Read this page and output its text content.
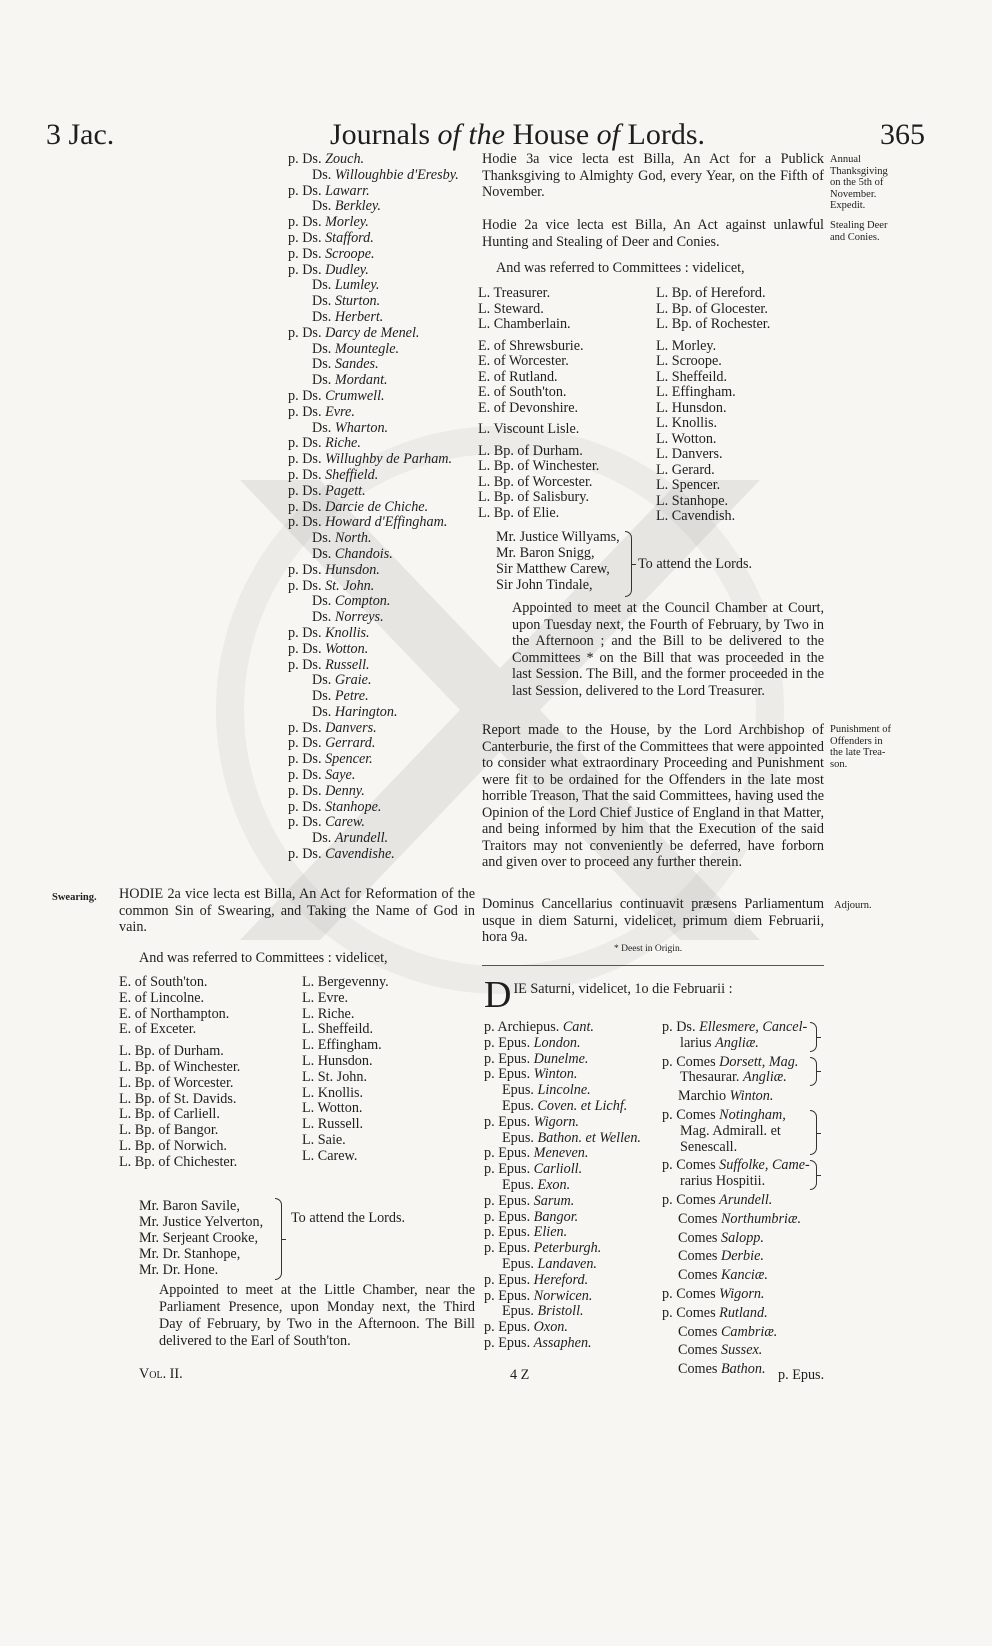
3 Jac.	Journals of the House of Lords.	365
p. Ds. Zouch.
Ds. Willoughbie d'Eresby.
p. Ds. Lawarr.
Ds. Berkley.
p. Ds. Morley.
p. Ds. Stafford.
p. Ds. Scroope.
p. Ds. Dudley.
Ds. Lumley.
Ds. Sturton.
Ds. Herbert.
p. Ds. Darcy de Menel.
Ds. Mountegle.
Ds. Sandes.
Ds. Mordant.
p. Ds. Crumwell.
p. Ds. Evre.
Ds. Wharton.
p. Ds. Riche.
p. Ds. Willughby de Parham.
p. Ds. Sheffield.
p. Ds. Pagett.
p. Ds. Darcie de Chiche.
p. Ds. Howard d'Effingham.
Ds. North.
Ds. Chandois.
p. Ds. Hunsdon.
p. Ds. St. John.
Ds. Compton.
Ds. Norreys.
p. Ds. Knollis.
p. Ds. Wotton.
p. Ds. Russell.
Ds. Graie.
Ds. Petre.
Ds. Harington.
p. Ds. Danvers.
p. Ds. Gerrard.
p. Ds. Spencer.
p. Ds. Saye.
p. Ds. Denny.
p. Ds. Stanhope.
p. Ds. Carew.
Ds. Arundell.
p. Ds. Cavendishe.
Swearing. HODIE 2a vice lecta est Billa, An Act for Reformation of the common Sin of Swearing, and Taking the Name of God in vain.
And was referred to Committees : videlicet,
E. of South'ton.
E. of Lincolne.
E. of Northampton.
E. of Exceter.
L. Bp. of Durham.
L. Bp. of Winchester.
L. Bp. of Worcester.
L. Bp. of St. Davids.
L. Bp. of Carliell.
L. Bp. of Bangor.
L. Bp. of Norwich.
L. Bp. of Chichester.
L. Bergevenny.
L. Evre.
L. Riche.
L. Sheffeild.
L. Effingham.
L. Hunsdon.
L. St. John.
L. Knollis.
L. Wotton.
L. Russell.
L. Saie.
L. Carew.
Mr. Baron Savile,
Mr. Justice Yelverton,
Mr. Serjeant Crooke,
Mr. Dr. Stanhope,
Mr. Dr. Hone.
To attend the Lords.
Appointed to meet at the Little Chamber, near the Parliament Presence, upon Monday next, the Third Day of February, by Two in the Afternoon. The Bill delivered to the Earl of South'ton.
Vol. II.
Hodie 3a vice lecta est Billa, An Act for a Publick Thanksgiving to Almighty God, every Year, on the Fifth of November.
Annual
Thanksgiving
on the 5th of
November.
Expedit.
Hodie 2a vice lecta est Billa, An Act against unlawful Hunting and Stealing of Deer and Conies.
Stealing Deer
and Conies.
And was referred to Committees : videlicet,
L. Treasurer.
L. Steward.
L. Chamberlain.
E. of Shrewsburie.
E. of Worcester.
E. of Rutland.
E. of South'ton.
E. of Devonshire.
L. Viscount Lisle.
L. Bp. of Durham.
L. Bp. of Winchester.
L. Bp. of Worcester.
L. Bp. of Salisbury.
L. Bp. of Elie.
L. Bp. of Hereford.
L. Bp. of Glocester.
L. Bp. of Rochester.
L. Morley.
L. Scroope.
L. Sheffeild.
L. Effingham.
L. Hunsdon.
L. Knollis.
L. Wotton.
L. Danvers.
L. Gerard.
L. Spencer.
L. Stanhope.
L. Cavendish.
Mr. Justice Willyams,
Mr. Baron Snigg,
Sir Matthew Carew,
Sir John Tindale,
To attend the Lords.
Appointed to meet at the Council Chamber at Court, upon Tuesday next, the Fourth of February, by Two in the Afternoon ; and the Bill to be delivered to the Committees * on the Bill that was proceeded in the last Session. The Bill, and the former proceeded in the last Session, delivered to the Lord Treasurer.
Report made to the House, by the Lord Archbishop of Canterburie, the first of the Committees that were appointed to consider what extraordinary Proceeding and Punishment were fit to be ordained for the Offenders in the late most horrible Treason, That the said Committees, having used the Opinion of the Lord Chief Justice of England in that Matter, and being informed by him that the Execution of the said Traitors may not conveniently be deferred, have forborn and given over to proceed any further therein.
Punishment of
Offenders in
the late Trea-
son.
Dominus Cancellarius continuavit præsens Parliamentum usque in diem Saturni, videlicet, primum diem Februarii, hora 9a.
Adjourn.
* Deest in Origin.
D IE Saturni, videlicet, 1o die Februarii :
p. Archiepus. Cant.
p. Epus. London.
p. Epus. Dunelme.
p. Epus. Winton.
Epus. Lincolne.
Epus. Coven. et Lichf.
p. Epus. Wigorn.
Epus. Bathon. et Wellen.
p. Epus. Meneven.
p. Epus. Carlioll.
Epus. Exon.
p. Epus. Sarum.
p. Epus. Bangor.
p. Epus. Elien.
p. Epus. Peterburgh.
Epus. Landaven.
p. Epus. Hereford.
p. Epus. Norwicen.
Epus. Bristoll.
p. Epus. Oxon.
p. Epus. Assaphen.
p. Ds. Ellesmere, Cancel-
larius Angliæ.
p. Comes Dorsett, Mag.
Thesaurar. Angliæ.
Marchio Winton.
p. Comes Notingham,
Mag. Admirall. et
Senescall.
p. Comes Suffolke, Came-
rarius Hospitii.
p. Comes Arundell.
Comes Northumbriæ.
Comes Salopp.
Comes Derbie.
Comes Kanciæ.
p. Comes Wigorn.
p. Comes Rutland.
Comes Cambriæ.
Comes Sussex.
Comes Bathon.
4 Z	p. Epus.
